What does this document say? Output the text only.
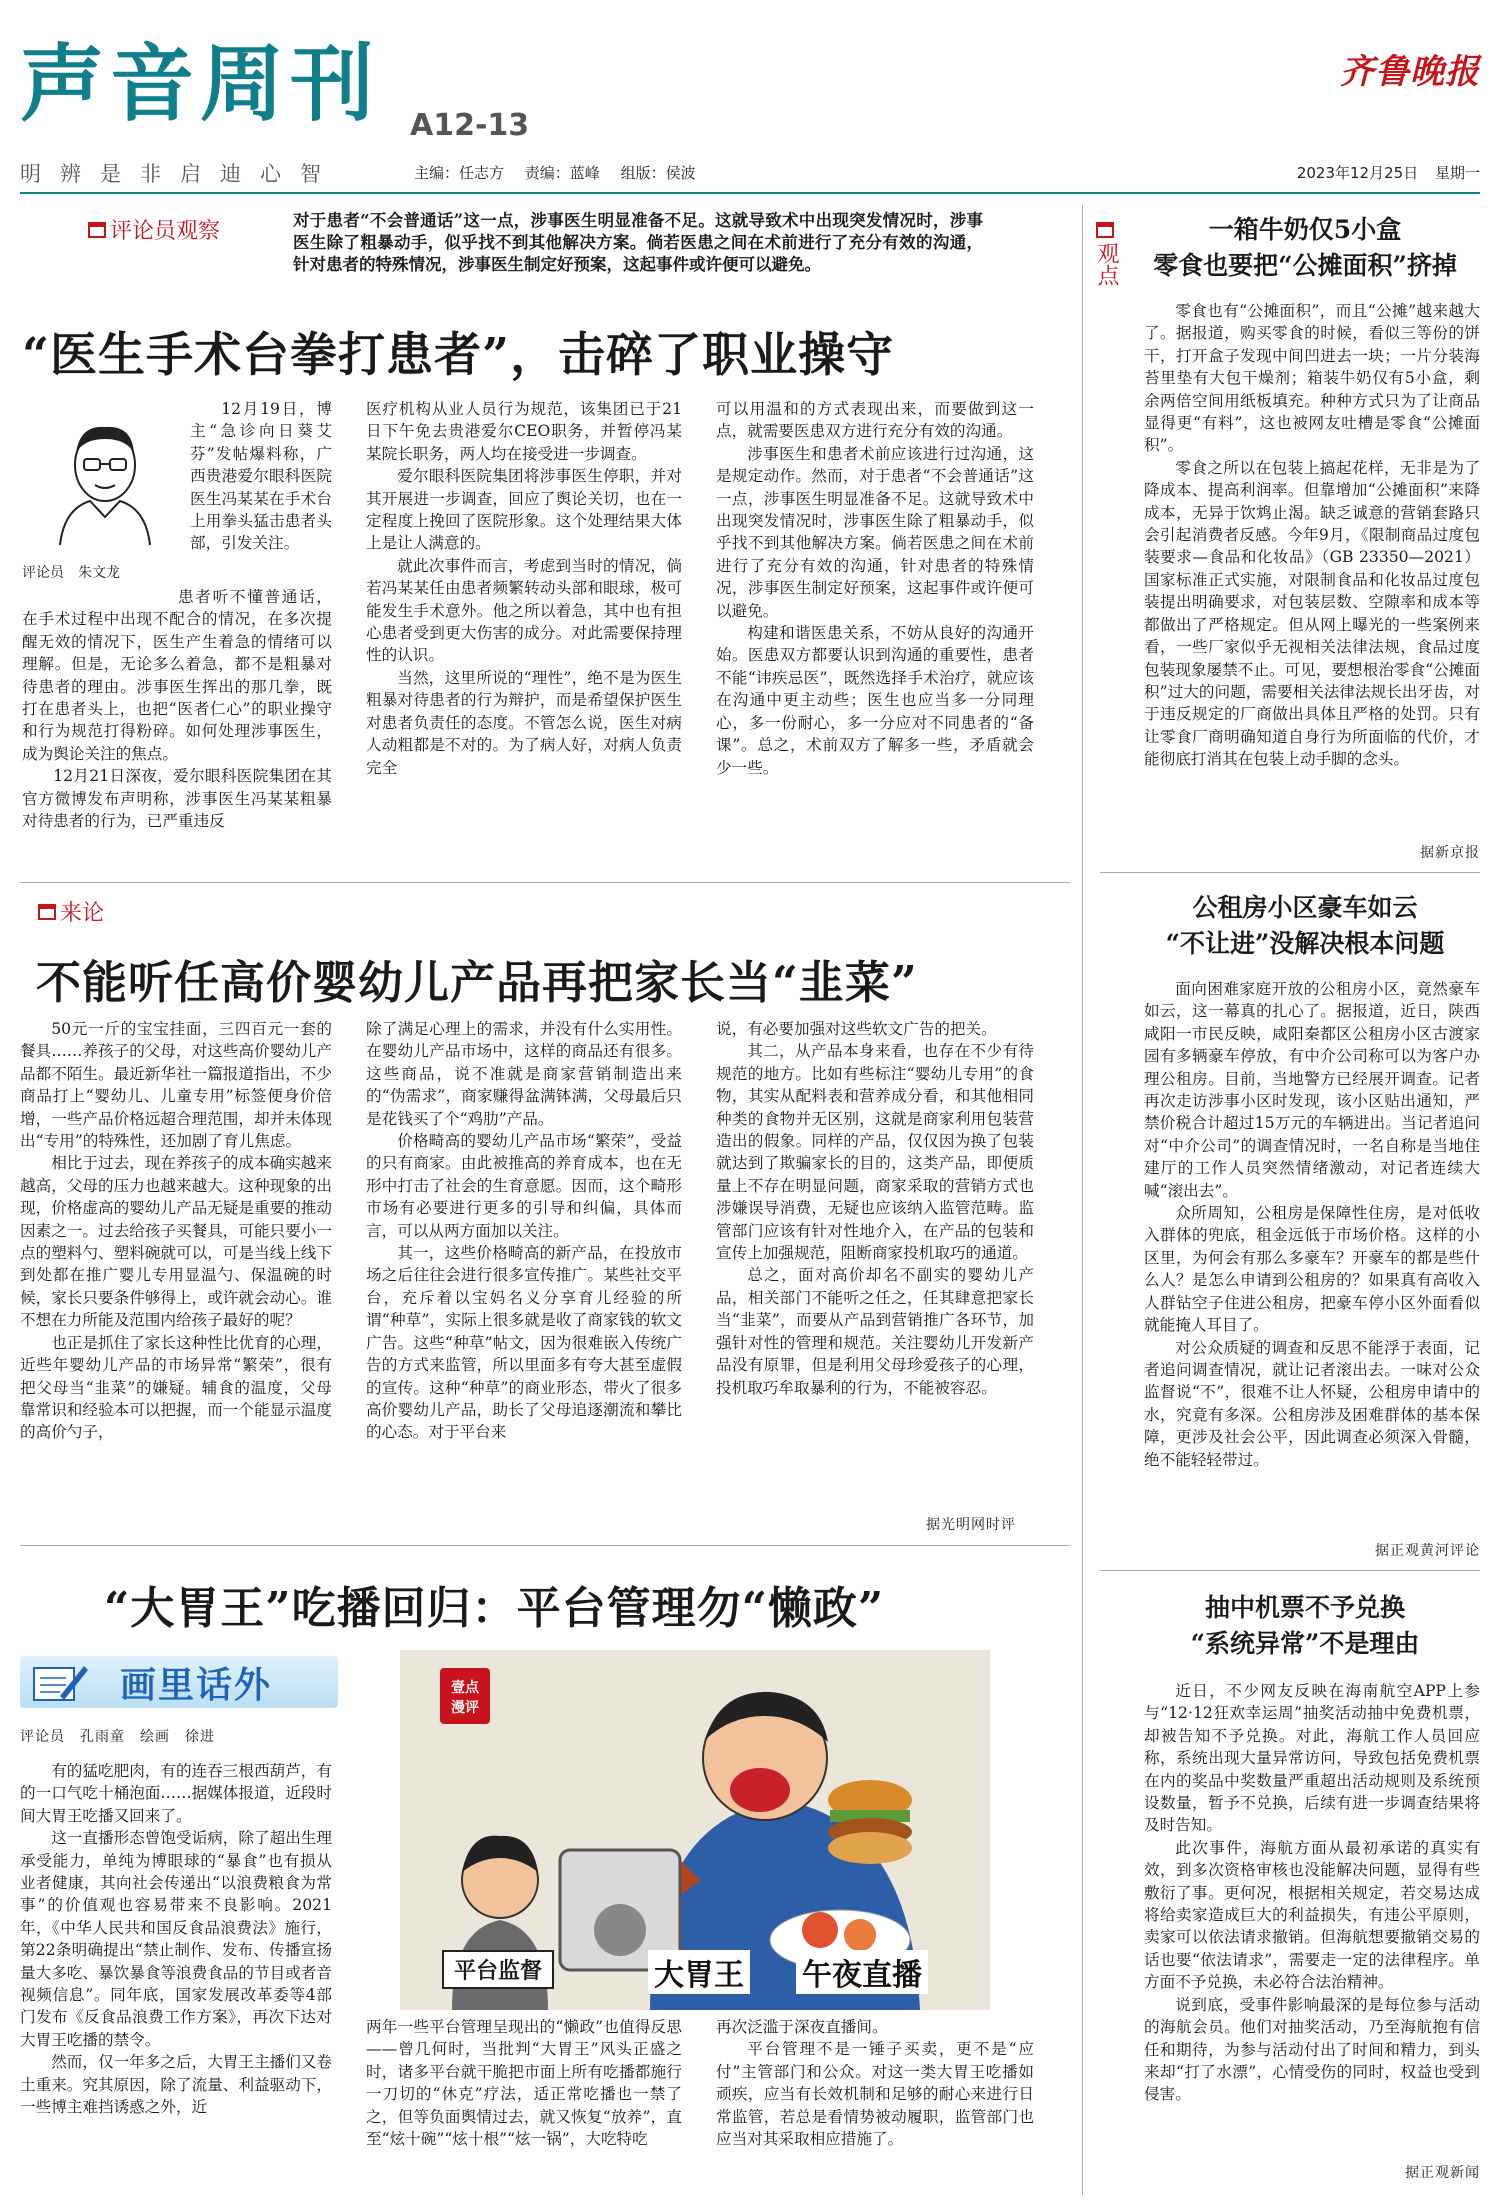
声音周刊 A12-13
明辨是非启迪心智	主编：任志方 责编：蓝峰 组版：侯波
齐鲁晚报
2023年12月25日 星期一
评论员观察	对于患者“不会普通话”这一点，涉事医生明显准备不足。这就导致术中出现突发情况时，涉事医生除了粗暴动手，似乎找不到其他解决方案。倘若医患之间在术前进行了充分有效的沟通，针对患者的特殊情况，涉事医生制定好预案，这起事件或许便可以避免。
“医生手术台拳打患者”，击碎了职业操守
评论员　朱文龙

12月19日，博主“急诊向日葵艾芬”发帖爆料称，广西贵港爱尔眼科医院医生冯某某在手术台上用拳头猛击患者头部，引发关注。

患者听不懂普通话，在手术过程中出现不配合的情况，在多次提醒无效的情况下，医生产生着急的情绪可以理解。但是，无论多么着急，都不是粗暴对待患者的理由。涉事医生挥出的那几拳，既打在患者头上，也把“医者仁心”的职业操守和行为规范打得粉碎。如何处理涉事医生，成为舆论关注的焦点。

12月21日深夜，爱尔眼科医院集团在其官方微博发布声明称，涉事医生冯某某粗暴对待患者的行为，已严重违反

医疗机构从业人员行为规范，该集团已于21日下午免去贵港爱尔CEO职务，并暂停冯某某院长职务，两人均在接受进一步调查。

爱尔眼科医院集团将涉事医生停职，并对其开展进一步调查，回应了舆论关切，也在一定程度上挽回了医院形象。这个处理结果大体上是让人满意的。

就此次事件而言，考虑到当时的情况，倘若冯某某任由患者频繁转动头部和眼球，极可能发生手术意外。他之所以着急，其中也有担心患者受到更大伤害的成分。对此需要保持理性的认识。

当然，这里所说的“理性”，绝不是为医生粗暴对待患者的行为辩护，而是希望保护医生对患者负责任的态度。不管怎么说，医生对病人动粗都是不对的。为了病人好，对病人负责完全

可以用温和的方式表现出来，而要做到这一点，就需要医患双方进行充分有效的沟通。

涉事医生和患者术前应该进行过沟通，这是规定动作。然而，对于患者“不会普通话”这一点，涉事医生明显准备不足。这就导致术中出现突发情况时，涉事医生除了粗暴动手，似乎找不到其他解决方案。倘若医患之间在术前进行了充分有效的沟通，针对患者的特殊情况，涉事医生制定好预案，这起事件或许便可以避免。

构建和谐医患关系，不妨从良好的沟通开始。医患双方都要认识到沟通的重要性，患者不能“讳疾忌医”，既然选择手术治疗，就应该在沟通中更主动些；医生也应当多一分同理心，多一份耐心，多一分应对不同患者的“备课”。总之，术前双方了解多一些，矛盾就会少一些。

来论
不能听任高价婴幼儿产品再把家长当“韭菜”

50元一斤的宝宝挂面，三四百元一套的餐具……养孩子的父母，对这些高价婴幼儿产品都不陌生。最近新华社一篇报道指出，不少商品打上“婴幼儿、儿童专用”标签便身价倍增，一些产品价格远超合理范围，却并未体现出“专用”的特殊性，还加剧了育儿焦虑。

相比于过去，现在养孩子的成本确实越来越高，父母的压力也越来越大。这种现象的出现，价格虚高的婴幼儿产品无疑是重要的推动因素之一。过去给孩子买餐具，可能只要小一点的塑料勺、塑料碗就可以，可是当线上线下到处都在推广婴儿专用显温勺、保温碗的时候，家长只要条件够得上，或许就会动心。谁不想在力所能及范围内给孩子最好的呢？

也正是抓住了家长这种性比优育的心理，近些年婴幼儿产品的市场异常“繁荣”，很有把父母当“韭菜”的嫌疑。辅食的温度，父母靠常识和经验本可以把握，而一个能显示温度的高价勺子，

除了满足心理上的需求，并没有什么实用性。在婴幼儿产品市场中，这样的商品还有很多。这些商品，说不准就是商家营销制造出来的“伪需求”，商家赚得盆满钵满，父母最后只是花钱买了个“鸡肋”产品。

价格畸高的婴幼儿产品市场“繁荣”，受益的只有商家。由此被推高的养育成本，也在无形中打击了社会的生育意愿。因而，这个畸形市场有必要进行更多的引导和纠偏，具体而言，可以从两方面加以关注。

其一，这些价格畸高的新产品，在投放市场之后往往会进行很多宣传推广。某些社交平台，充斥着以宝妈名义分享育儿经验的所谓“种草”，实际上很多就是收了商家钱的软文广告。这些“种草”帖文，因为很难嵌入传统广告的方式来监管，所以里面多有夸大甚至虚假的宣传。这种“种草”的商业形态，带火了很多高价婴幼儿产品，助长了父母追逐潮流和攀比的心态。对于平台来

说，有必要加强对这些软文广告的把关。

其二，从产品本身来看，也存在不少有待规范的地方。比如有些标注“婴幼儿专用”的食物，其实从配料表和营养成分看，和其他相同种类的食物并无区别，这就是商家利用包装营造出的假象。同样的产品，仅仅因为换了包装就达到了欺骗家长的目的，这类产品，即便质量上不存在明显问题，商家采取的营销方式也涉嫌误导消费，无疑也应该纳入监管范畴。监管部门应该有针对性地介入，在产品的包装和宣传上加强规范，阻断商家投机取巧的通道。

总之，面对高价却名不副实的婴幼儿产品，相关部门不能听之任之，任其肆意把家长当“韭菜”，而要从产品到营销推广各环节，加强针对性的管理和规范。关注婴幼儿开发新产品没有原罪，但是利用父母珍爱孩子的心理，投机取巧牟取暴利的行为，不能被容忍。

据光明网时评
“大胃王”吃播回归：平台管理勿“懒政”
画里话外
评论员　孔雨童　绘画　徐进

有的猛吃肥肉，有的连吞三根西葫芦，有的一口气吃十桶泡面……据媒体报道，近段时间大胃王吃播又回来了。

这一直播形态曾饱受诟病，除了超出生理承受能力，单纯为博眼球的“暴食”也有损从业者健康，其向社会传递出“以浪费粮食为常事”的价值观也容易带来不良影响。2021年，《中华人民共和国反食品浪费法》施行，第22条明确提出“禁止制作、发布、传播宣扬量大多吃、暴饮暴食等浪费食品的节目或者音视频信息”。同年底，国家发展改革委等4部门发布《反食品浪费工作方案》，再次下达对大胃王吃播的禁令。

然而，仅一年多之后，大胃王主播们又卷土重来。究其原因，除了流量、利益驱动下，一些博主难挡诱惑之外，近

壹点
漫评
平台监督	大胃王 午夜直播

两年一些平台管理呈现出的“懒政”也值得反思——曾几何时，当批判“大胃王”风头正盛之时，诸多平台就干脆把市面上所有吃播都施行一刀切的“休克”疗法，适正常吃播也一禁了之，但等负面舆情过去，就又恢复“放养”，直至“炫十碗”“炫十根”“炫一锅”，大吃特吃

再次泛滥于深夜直播间。

平台管理不是一锤子买卖，更不是“应付”主管部门和公众。对这一类大胃王吃播如顽疾，应当有长效机制和足够的耐心来进行日常监管，若总是看情势被动履职，监管部门也应当对其采取相应措施了。

观点
一箱牛奶仅5小盒
零食也要把“公摊面积”挤掉

零食也有“公摊面积”，而且“公摊”越来越大了。据报道，购买零食的时候，看似三等份的饼干，打开盒子发现中间凹进去一块；一片分装海苔里垫有大包干燥剂；箱装牛奶仅有5小盒，剩余两倍空间用纸板填充。种种方式只为了让商品显得更“有料”，这也被网友吐槽是零食“公摊面积”。

零食之所以在包装上搞起花样，无非是为了降成本、提高利润率。但靠增加“公摊面积”来降成本，无异于饮鸩止渴。缺乏诚意的营销套路只会引起消费者反感。今年9月，《限制商品过度包装要求—食品和化妆品》（GB 23350—2021）国家标准正式实施，对限制食品和化妆品过度包装提出明确要求，对包装层数、空隙率和成本等都做出了严格规定。但从网上曝光的一些案例来看，一些厂家似乎无视相关法律法规，食品过度包装现象屡禁不止。可见，要想根治零食“公摊面积”过大的问题，需要相关法律法规长出牙齿，对于违反规定的厂商做出具体且严格的处罚。只有让零食厂商明确知道自身行为所面临的代价，才能彻底打消其在包装上动手脚的念头。

据新京报
公租房小区豪车如云
“不让进”没解决根本问题

面向困难家庭开放的公租房小区，竟然豪车如云，这一幕真的扎心了。据报道，近日，陕西咸阳一市民反映，咸阳秦都区公租房小区古渡家园有多辆豪车停放，有中介公司称可以为客户办理公租房。目前，当地警方已经展开调查。记者再次走访涉事小区时发现，该小区贴出通知，严禁价税合计超过15万元的车辆进出。当记者追问对“中介公司”的调查情况时，一名自称是当地住建厅的工作人员突然情绪激动，对记者连续大喊“滚出去”。

众所周知，公租房是保障性住房，是对低收入群体的兜底，租金远低于市场价格。这样的小区里，为何会有那么多豪车？开豪车的都是些什么人？是怎么申请到公租房的？如果真有高收入人群钻空子住进公租房，把豪车停小区外面看似就能掩人耳目了。

对公众质疑的调查和反思不能浮于表面，记者追问调查情况，就让记者滚出去。一味对公众监督说“不”，很难不让人怀疑，公租房申请中的水，究竟有多深。公租房涉及困难群体的基本保障，更涉及社会公平，因此调查必须深入骨髓，绝不能轻轻带过。

据正观黄河评论
抽中机票不予兑换
“系统异常”不是理由

近日，不少网友反映在海南航空APP上参与“12·12狂欢幸运周”抽奖活动抽中免费机票，却被告知不予兑换。对此，海航工作人员回应称，系统出现大量异常访问，导致包括免费机票在内的奖品中奖数量严重超出活动规则及系统预设数量，暂予不兑换，后续有进一步调查结果将及时告知。

此次事件，海航方面从最初承诺的真实有效，到多次资格审核也没能解决问题，显得有些敷衍了事。更何况，根据相关规定，若交易达成将给卖家造成巨大的利益损失，有违公平原则，卖家可以依法请求撤销。但海航想要撤销交易的话也要“依法请求”，需要走一定的法律程序。单方面不予兑换，未必符合法治精神。

说到底，受事件影响最深的是每位参与活动的海航会员。他们对抽奖活动，乃至海航抱有信任和期待，为参与活动付出了时间和精力，到头来却“打了水漂”，心情受伤的同时，权益也受到侵害。

据正观新闻
